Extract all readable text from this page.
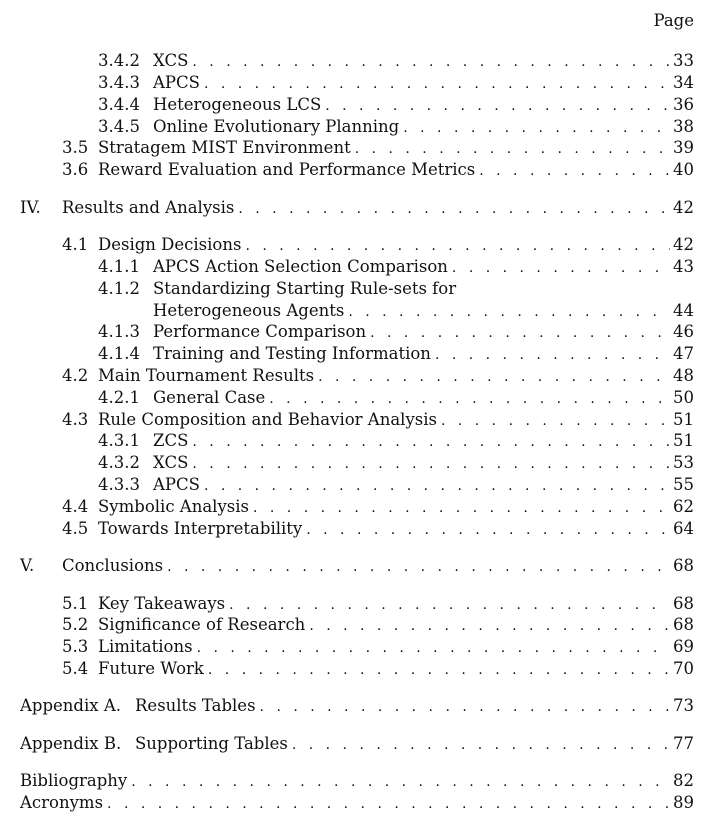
Page
3.4.2 XCS . . .	33
3.4.3 APCS . . .	34
3.4.4 Heterogeneous LCS . . .	36
3.4.5 Online Evolutionary Planning . . .	38
3.5 Stratagem MIST Environment . . .	39
3.6 Reward Evaluation and Performance Metrics . . .	40
IV.	Results and Analysis . . .	42
4.1 Design Decisions . . .	42
4.1.1 APCS Action Selection Comparison . . .	43
4.1.2 Standardizing Starting Rule-sets for
Heterogeneous Agents . . .	44
4.1.3 Performance Comparison . . .	46
4.1.4 Training and Testing Information . . .	47
4.2 Main Tournament Results . . .	48
4.2.1 General Case . . .	50
4.3 Rule Composition and Behavior Analysis . . .	51
4.3.1 ZCS . . .	51
4.3.2 XCS . . .	53
4.3.3 APCS . . .	55
4.4 Symbolic Analysis . . .	62
4.5 Towards Interpretability . . .	64
V.	Conclusions . . .	68
5.1 Key Takeaways . . .	68
5.2 Significance of Research . . .	68
5.3 Limitations . . .	69
5.4 Future Work . . .	70
Appendix A. Results Tables . . .	73
Appendix B. Supporting Tables . . .	77
Bibliography . . .	82
Acronyms . . .	89
